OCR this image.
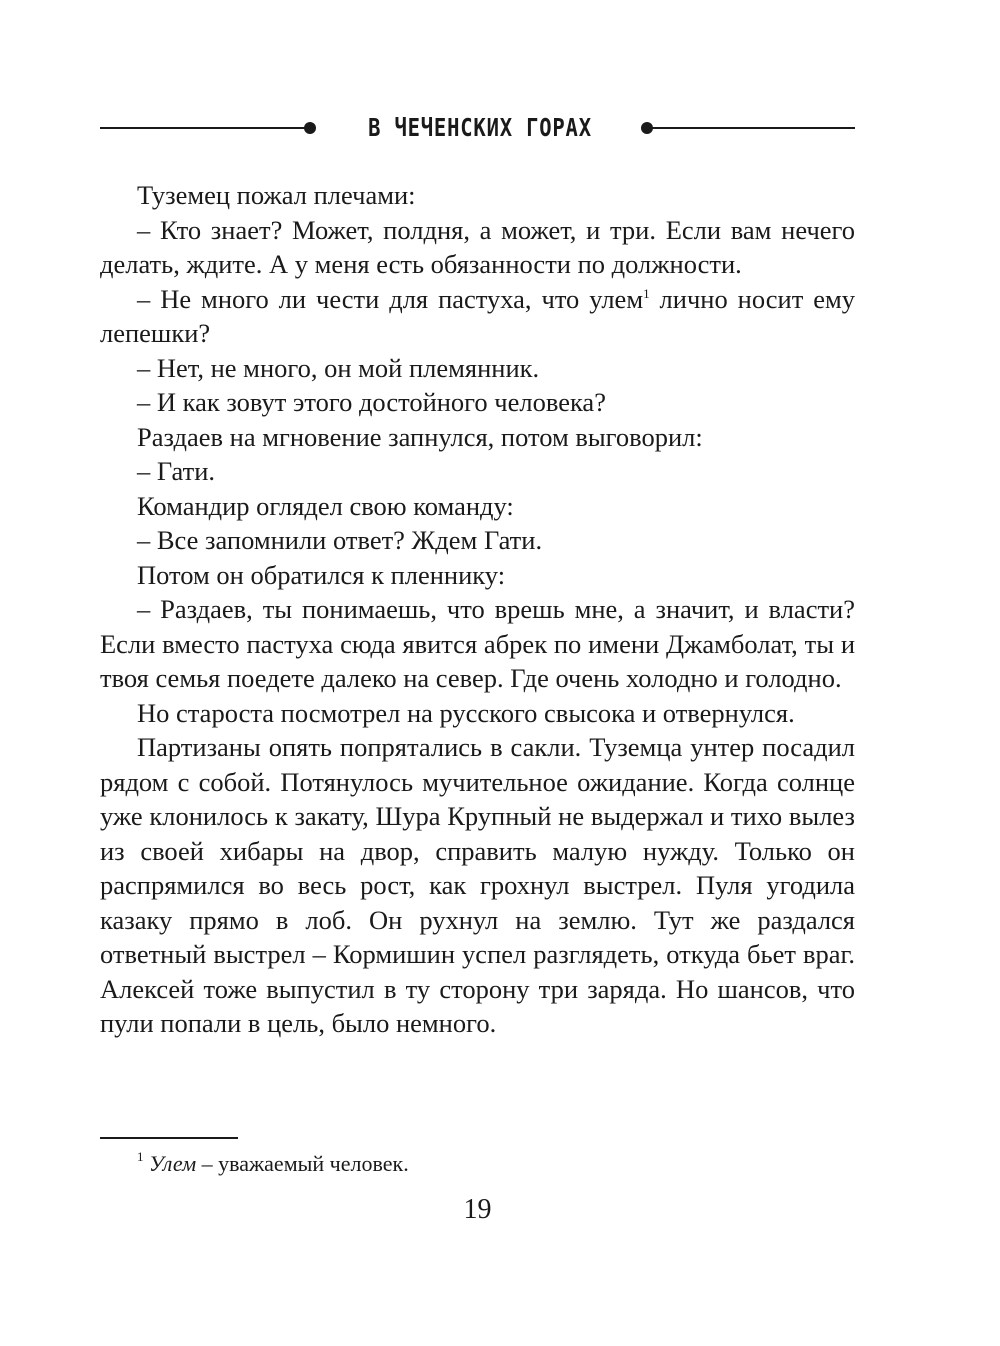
В ЧЕЧЕНСКИХ ГОРАХ

Туземец пожал плечами:

– Кто знает? Может, полдня, а может, и три. Если вам нечего делать, ждите. А у меня есть обязанности по должности.

– Не много ли чести для пастуха, что улем$^1$ лично носит ему лепешки?

– Нет, не много, он мой племянник.

– И как зовут этого достойного человека?

Раздаев на мгновение запнулся, потом выговорил:

– Гати.

Командир оглядел свою команду:

– Все запомнили ответ? Ждем Гати.

Потом он обратился к пленнику:

– Раздаев, ты понимаешь, что врешь мне, а значит, и власти? Если вместо пастуха сюда явится абрек по имени Джамболат, ты и твоя семья поедете далеко на север. Где очень холодно и голодно.

Но староста посмотрел на русского свысока и отвернулся.

Партизаны опять попрятались в сакли. Туземца унтер посадил рядом с собой. Потянулось мучительное ожидание. Когда солнце уже клонилось к закату, Шура Крупный не выдержал и тихо вылез из своей хибары на двор, справить малую нужду. Только он распрямился во весь рост, как грохнул выстрел. Пуля угодила казаку прямо в лоб. Он рухнул на землю. Тут же раздался ответный выстрел – Кормишин успел разглядеть, откуда бьет враг. Алексей тоже выпустил в ту сторону три заряда. Но шансов, что пули попали в цель, было немного.

$^1$ Улем – уважаемый человек.
19
